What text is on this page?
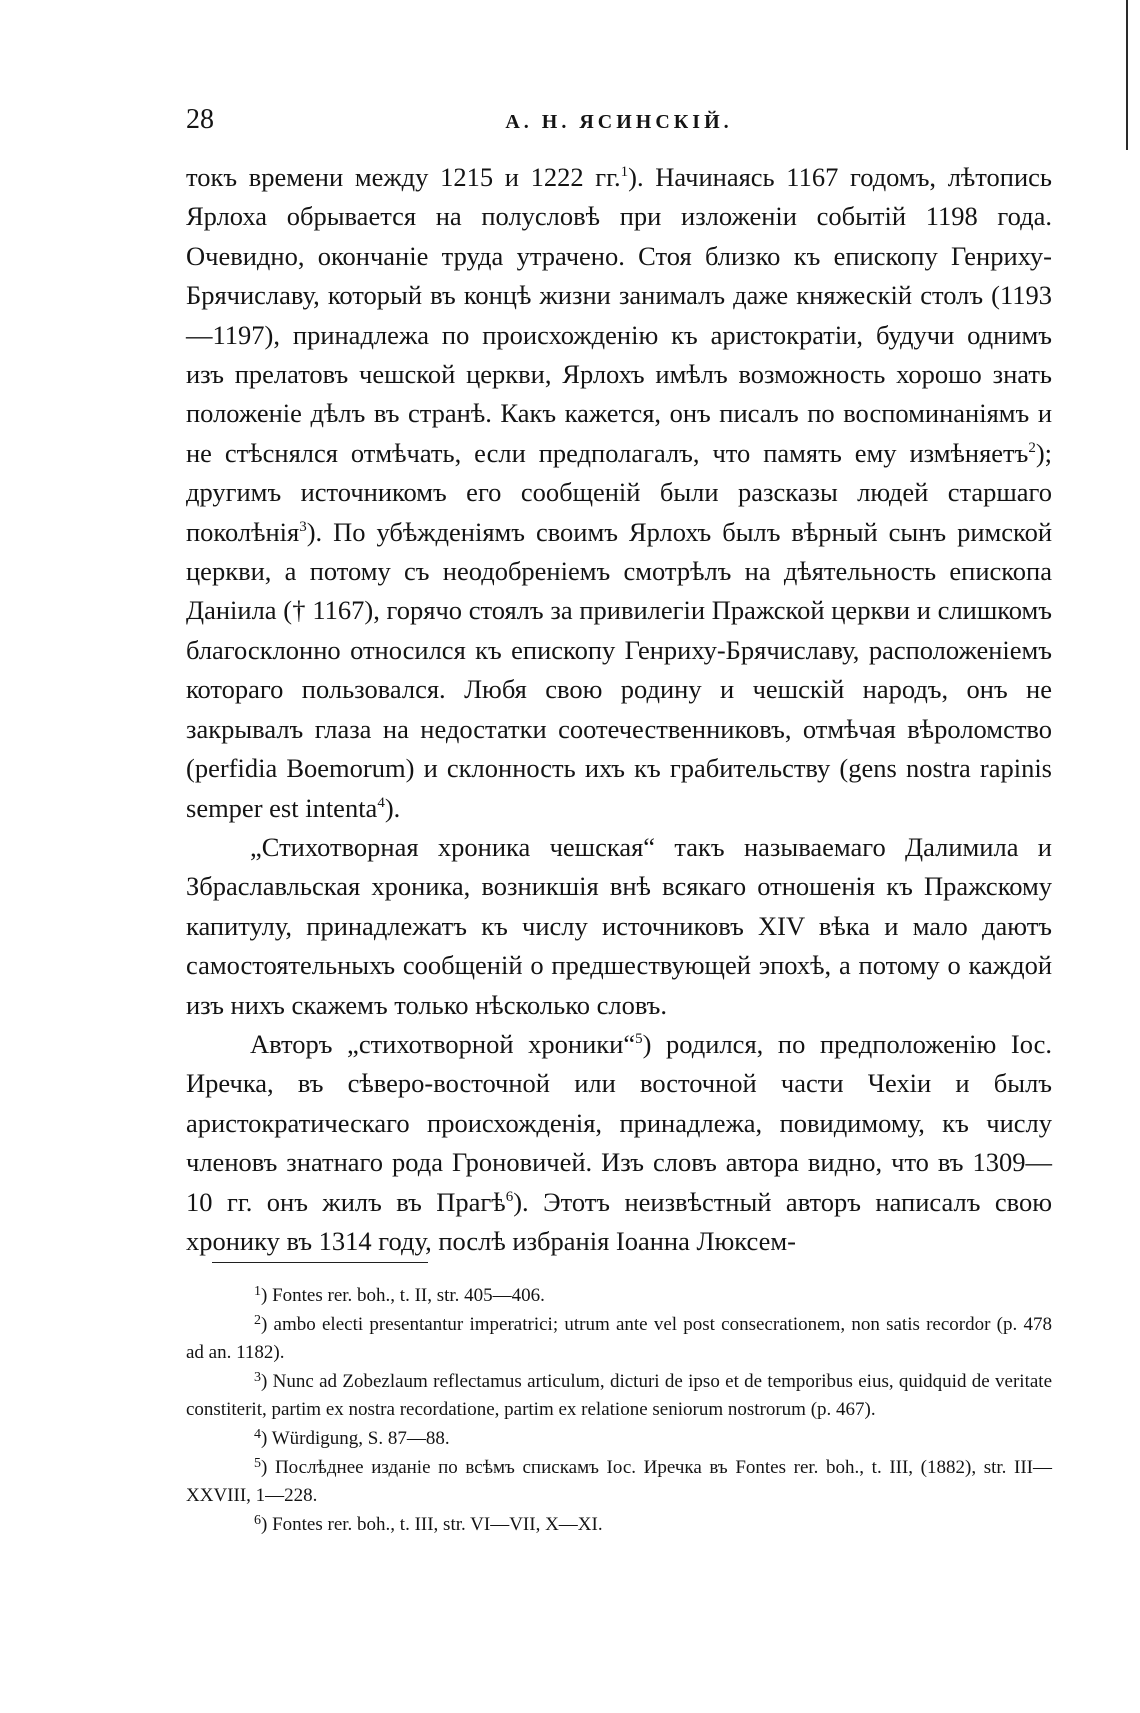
28	А. Н. ЯСИНСКІЙ.

токъ времени между 1215 и 1222 гг.$^1$). Начинаясь 1167 годомъ, лѣтопись Ярлоха обрывается на полусловѣ при изложеніи событій 1198 года. Очевидно, окончаніе труда утрачено. Стоя близко къ епископу Генриху-Брячиславу, который въ концѣ жизни занималъ даже княжескій столъ (1193—1197), принадлежа по происхожденію къ аристократіи, будучи однимъ изъ прелатовъ чешской церкви, Ярлохъ имѣлъ возможность хорошо знать положеніе дѣлъ въ странѣ. Какъ кажется, онъ писалъ по воспоминаніямъ и не стѣснялся отмѣчать, если предполагалъ, что память ему измѣняетъ$^2$); другимъ источникомъ его сообщеній были разсказы людей старшаго поколѣнія$^3$). По убѣжденіямъ своимъ Ярлохъ былъ вѣрный сынъ римской церкви, а потому съ неодобреніемъ смотрѣлъ на дѣятельность епископа Даніила († 1167), горячо стоялъ за привилегіи Пражской церкви и слишкомъ благосклонно относился къ епископу Генриху-Брячиславу, расположеніемъ котораго пользовался. Любя свою родину и чешскій народъ, онъ не закрывалъ глаза на недостатки соотечественниковъ, отмѣчая вѣроломство (perfidia Boemorum) и склонность ихъ къ грабительству (gens nostra rapinis semper est intenta$^4$).

„Стихотворная хроника чешская“ такъ называемаго Далимила и Збраславльская хроника, возникшія внѣ всякаго отношенія къ Пражскому капитулу, принадлежатъ къ числу источниковъ XIV вѣка и мало даютъ самостоятельныхъ сообщеній о предшествующей эпохѣ, а потому о каждой изъ нихъ скажемъ только нѣсколько словъ.

Авторъ „стихотворной хроники“$^5$) родился, по предположенію Іос. Иречка, въ сѣверо-восточной или восточной части Чехіи и былъ аристократическаго происхожденія, принадлежа, повидимому, къ числу членовъ знатнаго рода Гроновичей. Изъ словъ автора видно, что въ 1309—10 гг. онъ жилъ въ Прагѣ$^6$). Этотъ неизвѣстный авторъ написалъ свою хронику въ 1314 году, послѣ избранія Іоанна Люксем-

$^1$) Fontes rer. boh., t. II, str. 405—406.

$^2$) ambo electi presentantur imperatrici; utrum ante vel post consecrationem, non satis recordor (p. 478 ad an. 1182).

$^3$) Nunc ad Zobezlaum reflectamus articulum, dicturi de ipso et de temporibus eius, quidquid de veritate constiterit, partim ex nostra recordatione, partim ex relatione seniorum nostrorum (p. 467).

$^4$) Würdigung, S. 87—88.

$^5$) Послѣднее изданіе по всѣмъ спискамъ Іос. Иречка въ Fontes rer. boh., t. III, (1882), str. III—XXVIII, 1—228.

$^6$) Fontes rer. boh., t. III, str. VI—VII, X—XI.
